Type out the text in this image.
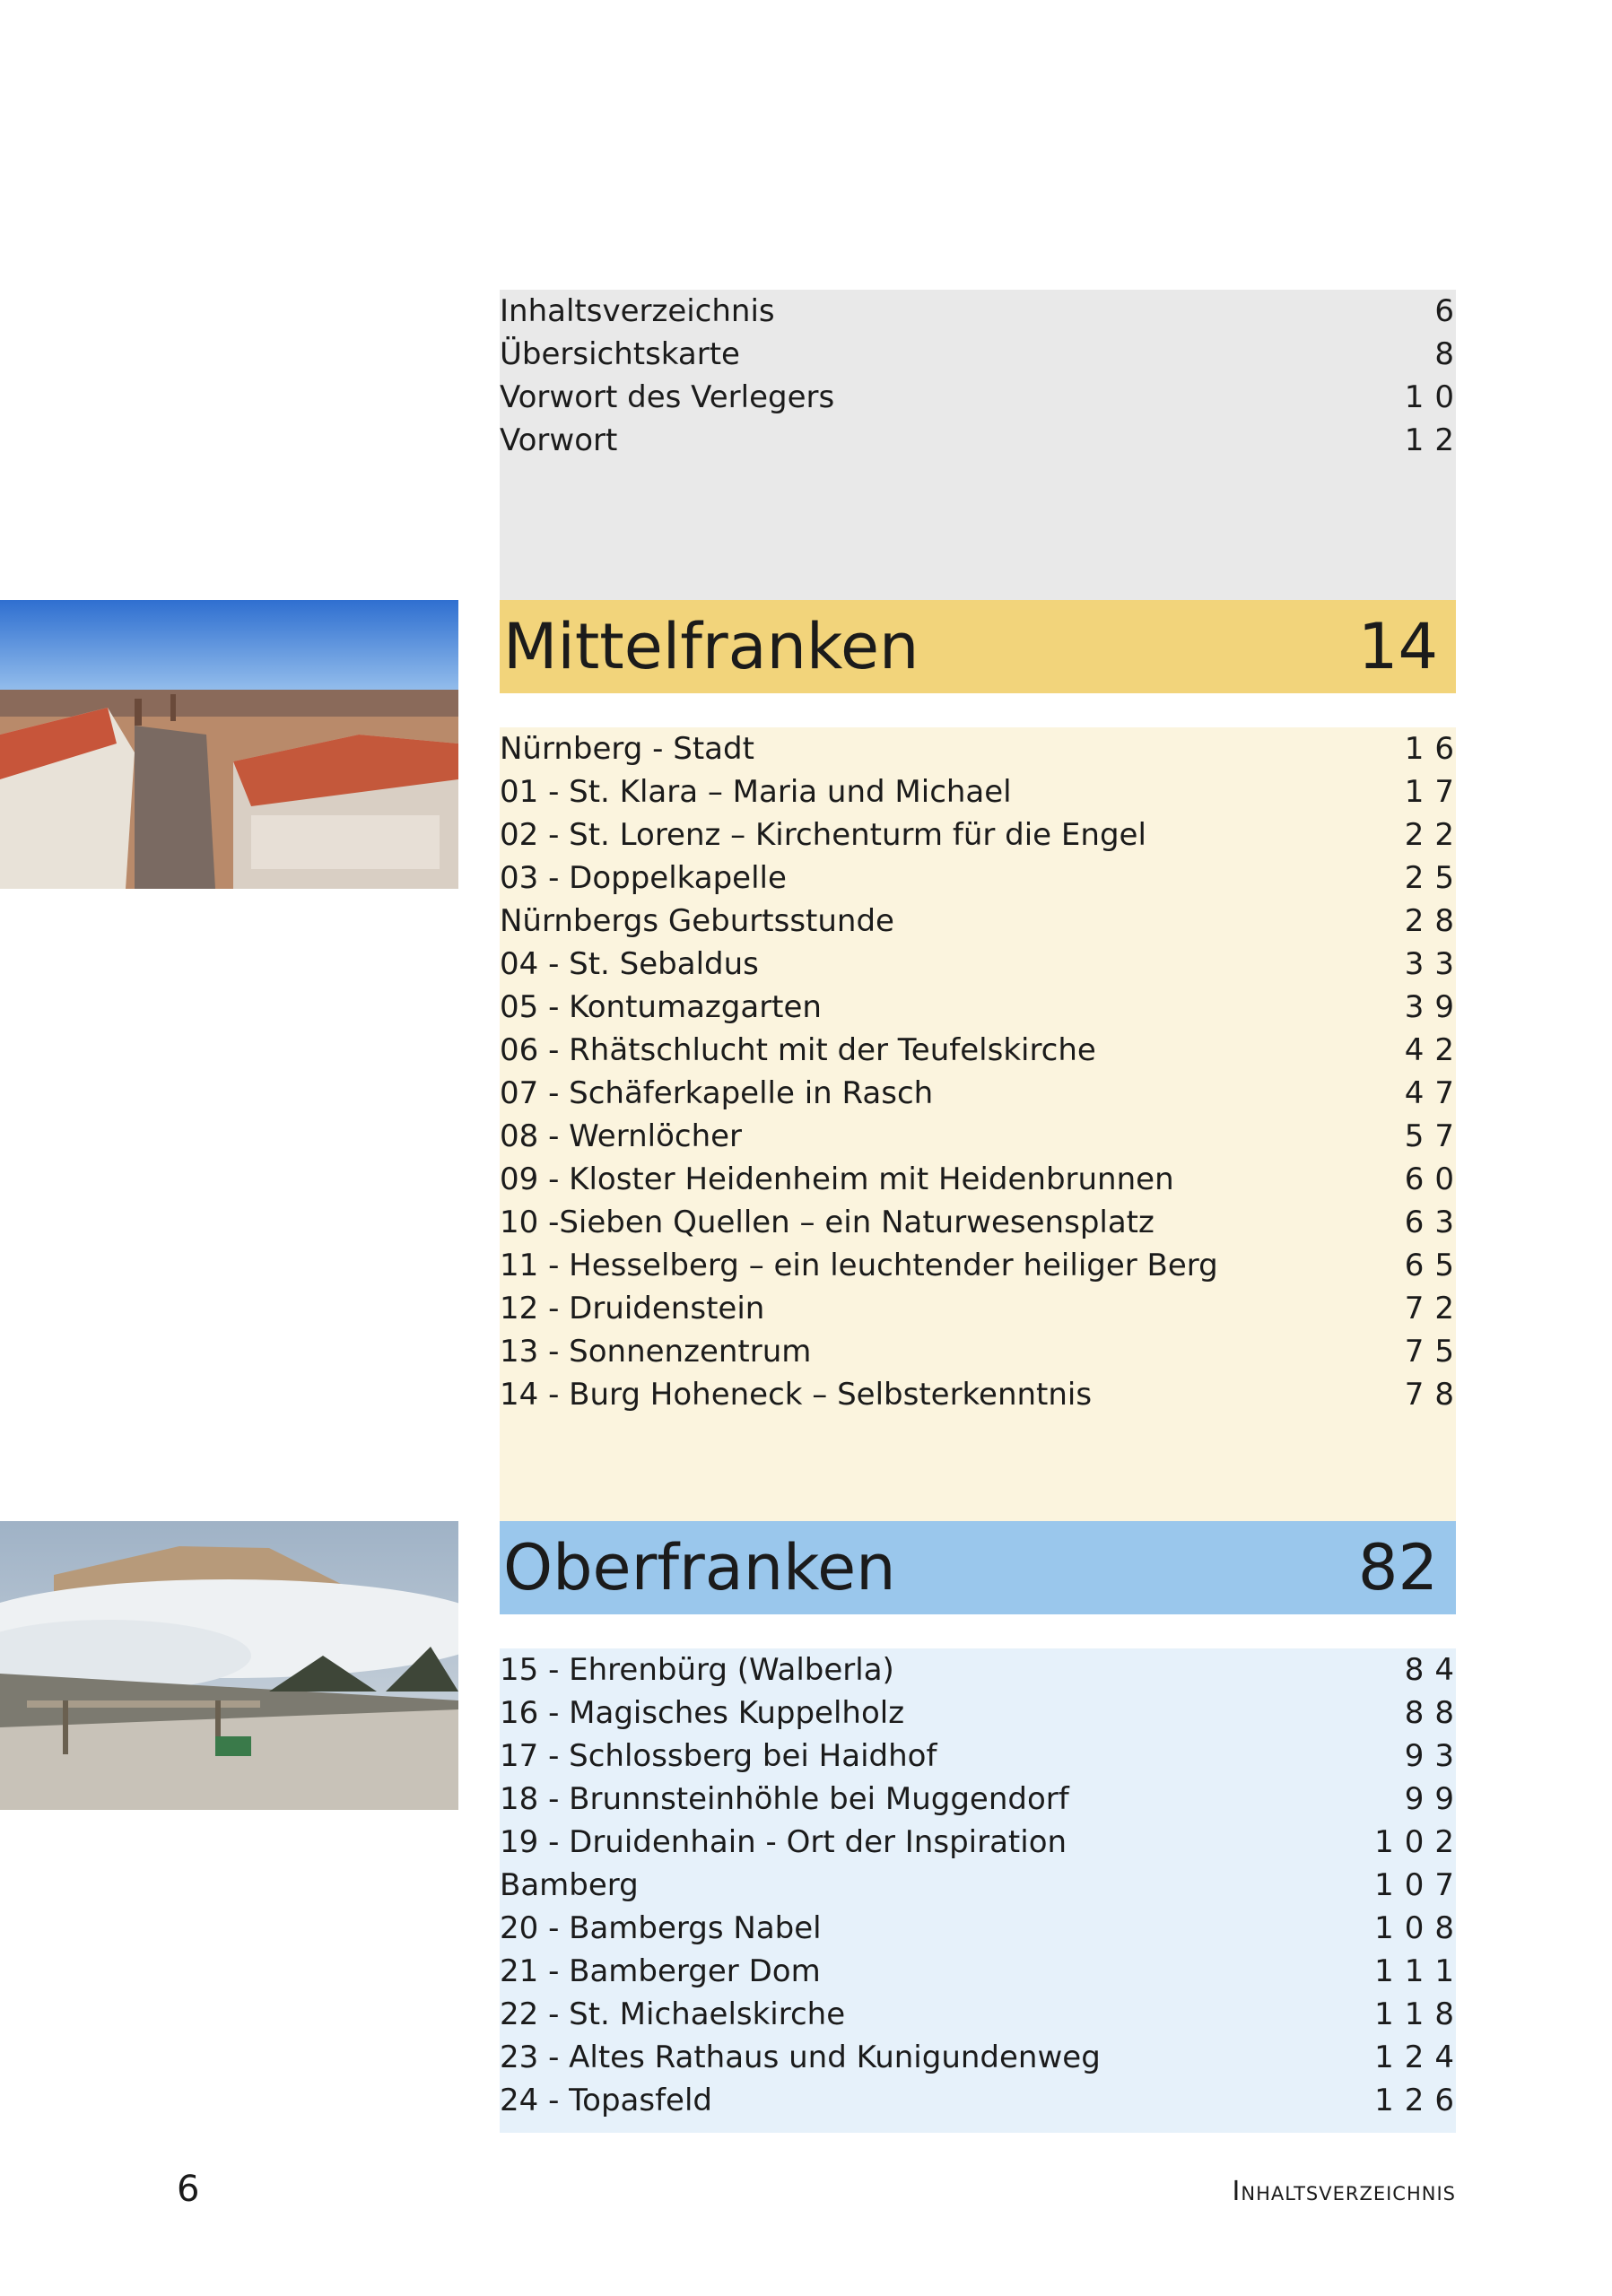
Inhaltsverzeichnis	6
Übersichtskarte	8
Vorwort des Verlegers	10
Vorwort	12
Mittelfranken	14
Nürnberg - Stadt	16
01 - St. Klara – Maria und Michael	17
02 - St. Lorenz – Kirchenturm für die Engel	22
03 - Doppelkapelle	25
Nürnbergs Geburtsstunde	28
04 - St. Sebaldus	33
05 - Kontumazgarten	39
06 - Rhätschlucht mit der Teufelskirche	42
07 - Schäferkapelle in Rasch	47
08 - Wernlöcher	57
09 - Kloster Heidenheim mit Heidenbrunnen	60
10 -Sieben Quellen – ein Naturwesensplatz	63
11 - Hesselberg – ein leuchtender heiliger Berg	65
12 - Druidenstein	72
13 - Sonnenzentrum	75
14 - Burg Hoheneck – Selbsterkenntnis	78
Oberfranken	82
15 - Ehrenbürg (Walberla)	84
16 - Magisches Kuppelholz	88
17 - Schlossberg bei Haidhof	93
18 - Brunnsteinhöhle bei Muggendorf	99
19 - Druidenhain - Ort der Inspiration	102
Bamberg	107
20 - Bambergs Nabel	108
21 - Bamberger Dom	111
22 - St. Michaelskirche	118
23 - Altes Rathaus und Kunigundenweg	124
24 - Topasfeld	126
6	Inhaltsverzeichnis
